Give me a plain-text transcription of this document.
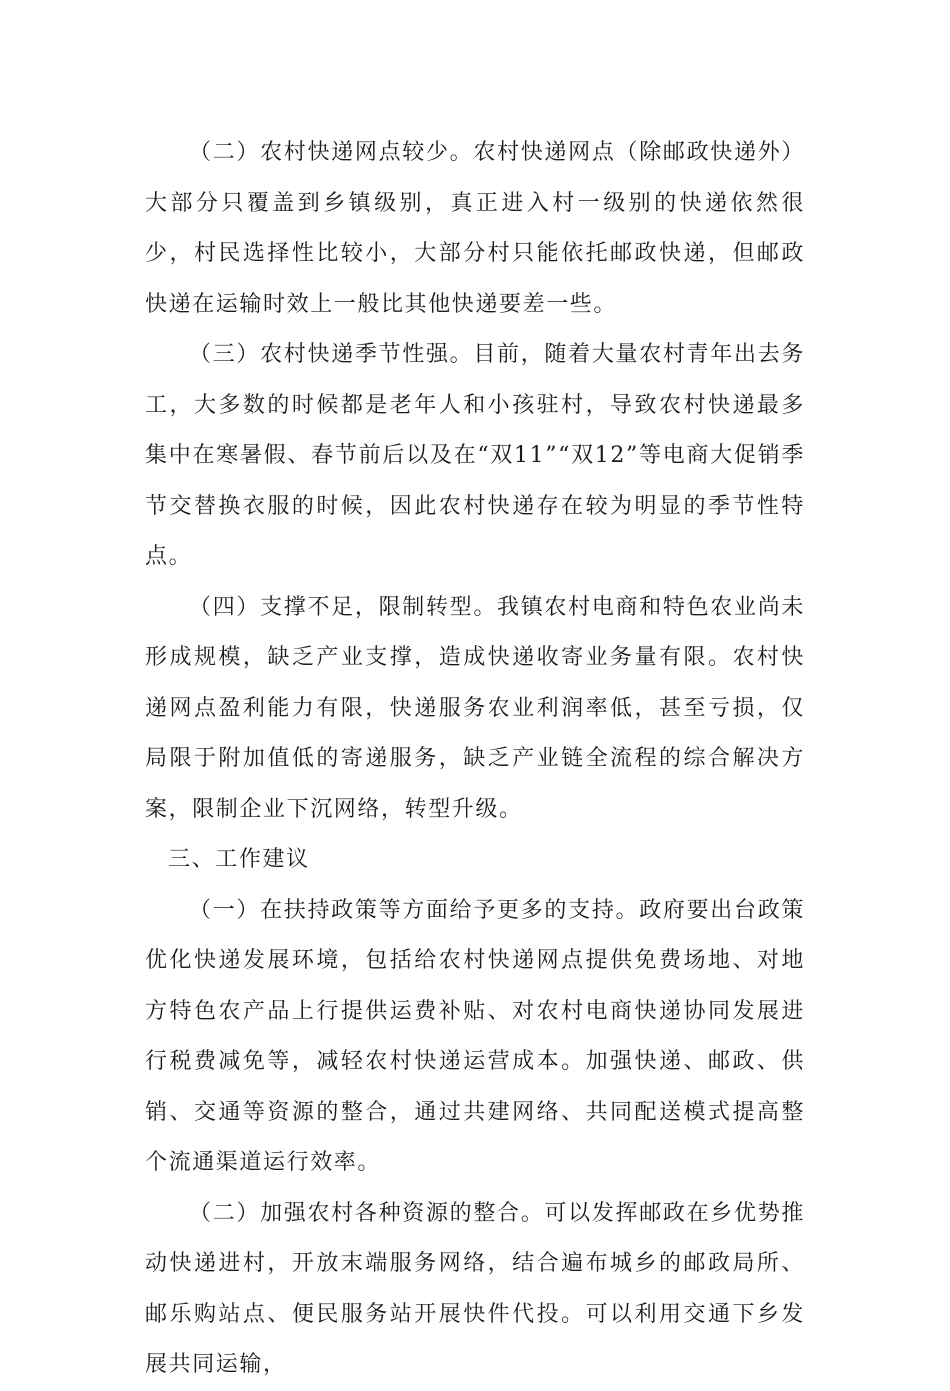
（二）农村快递网点较少。农村快递网点（除邮政快递外）大部分只覆盖到乡镇级别，真正进入村一级别的快递依然很少，村民选择性比较小，大部分村只能依托邮政快递，但邮政快递在运输时效上一般比其他快递要差一些。

（三）农村快递季节性强。目前，随着大量农村青年出去务工，大多数的时候都是老年人和小孩驻村，导致农村快递最多集中在寒暑假、春节前后以及在“双11”“双12”等电商大促销季节交替换衣服的时候，因此农村快递存在较为明显的季节性特点。

（四）支撑不足，限制转型。我镇农村电商和特色农业尚未形成规模，缺乏产业支撑，造成快递收寄业务量有限。农村快递网点盈利能力有限，快递服务农业利润率低，甚至亏损，仅局限于附加值低的寄递服务，缺乏产业链全流程的综合解决方案，限制企业下沉网络，转型升级。

三、工作建议

（一）在扶持政策等方面给予更多的支持。政府要出台政策优化快递发展环境，包括给农村快递网点提供免费场地、对地方特色农产品上行提供运费补贴、对农村电商快递协同发展进行税费减免等，减轻农村快递运营成本。加强快递、邮政、供销、交通等资源的整合，通过共建网络、共同配送模式提高整个流通渠道运行效率。

（二）加强农村各种资源的整合。可以发挥邮政在乡优势推动快递进村，开放末端服务网络，结合遍布城乡的邮政局所、邮乐购站点、便民服务站开展快件代投。可以利用交通下乡发展共同运输，
